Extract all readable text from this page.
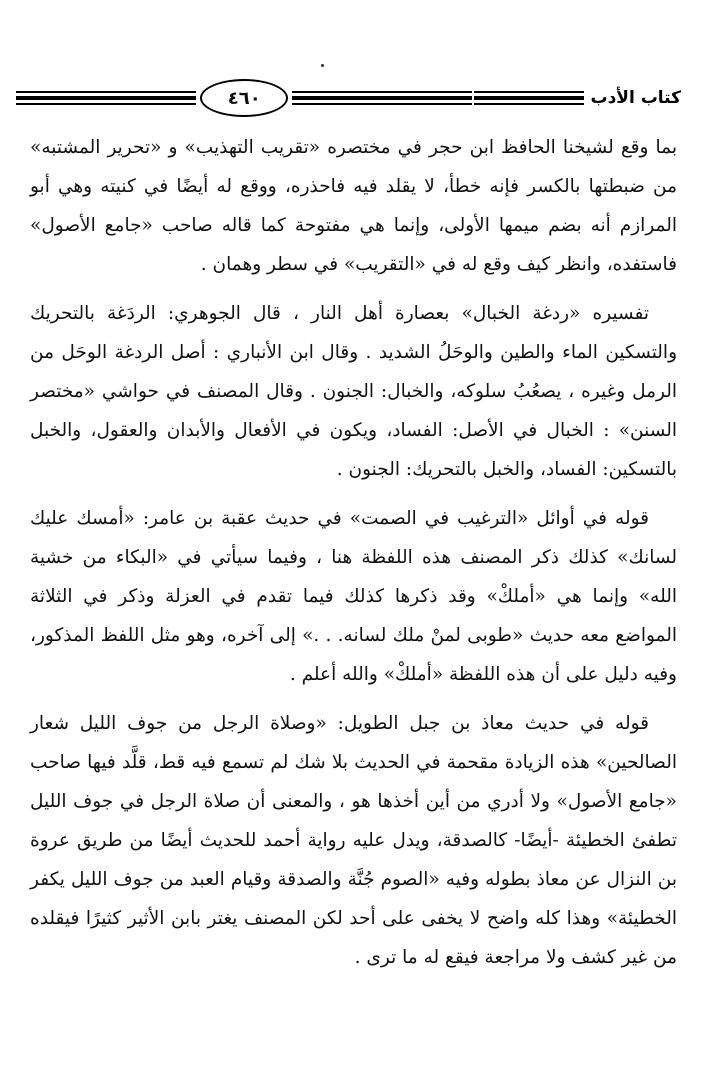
كتاب الأدب
٤٦٠

بما وقع لشيخنا الحافظ ابن حجر في مختصره «تقريب التهذيب» و «تحرير المشتبه» من ضبطتها بالكسر فإنه خطأ، لا يقلد فيه فاحذره، ووقع له أيضًا في كنيته وهي أبو المرازم أنه بضم ميمها الأولى، وإنما هي مفتوحة كما قاله صاحب «جامع الأصول» فاستفده، وانظر كيف وقع له في «التقريب» في سطر وهمان .

تفسيره «ردغة الخبال» بعصارة أهل النار ، قال الجوهري: الردَغة بالتحريك والتسكين الماء والطين والوحَلُ الشديد . وقال ابن الأنباري : أصل الردغة الوحَل من الرمل وغيره ، يصعُبُ سلوكه، والخبال: الجنون . وقال المصنف في حواشي «مختصر السنن» : الخبال في الأصل: الفساد، ويكون في الأفعال والأبدان والعقول، والخبل بالتسكين: الفساد، والخبل بالتحريك: الجنون .

قوله في أوائل «الترغيب في الصمت» في حديث عقبة بن عامر: «أمسك عليك لسانك» كذلك ذكر المصنف هذه اللفظة هنا ، وفيما سيأتي في «البكاء من خشية الله» وإنما هي «أملكْ» وقد ذكرها كذلك فيما تقدم في العزلة وذكر في الثلاثة المواضع معه حديث «طوبى لمنْ ملك لسانه. . .» إلى آخره، وهو مثل اللفظ المذكور، وفيه دليل على أن هذه اللفظة «أملكْ» والله أعلم .

قوله في حديث معاذ بن جبل الطويل: «وصلاة الرجل من جوف الليل شعار الصالحين» هذه الزيادة مقحمة في الحديث بلا شك لم تسمع فيه قط، قلَّد فيها صاحب «جامع الأصول» ولا أدري من أين أخذها هو ، والمعنى أن صلاة الرجل في جوف الليل تطفئ الخطيئة -أيضًا- كالصدقة، ويدل عليه رواية أحمد للحديث أيضًا من طريق عروة بن النزال عن معاذ بطوله وفيه «الصوم جُنَّة والصدقة وقيام العبد من جوف الليل يكفر الخطيئة» وهذا كله واضح لا يخفى على أحد لكن المصنف يغتر بابن الأثير كثيرًا فيقلده من غير كشف ولا مراجعة فيقع له ما ترى .
